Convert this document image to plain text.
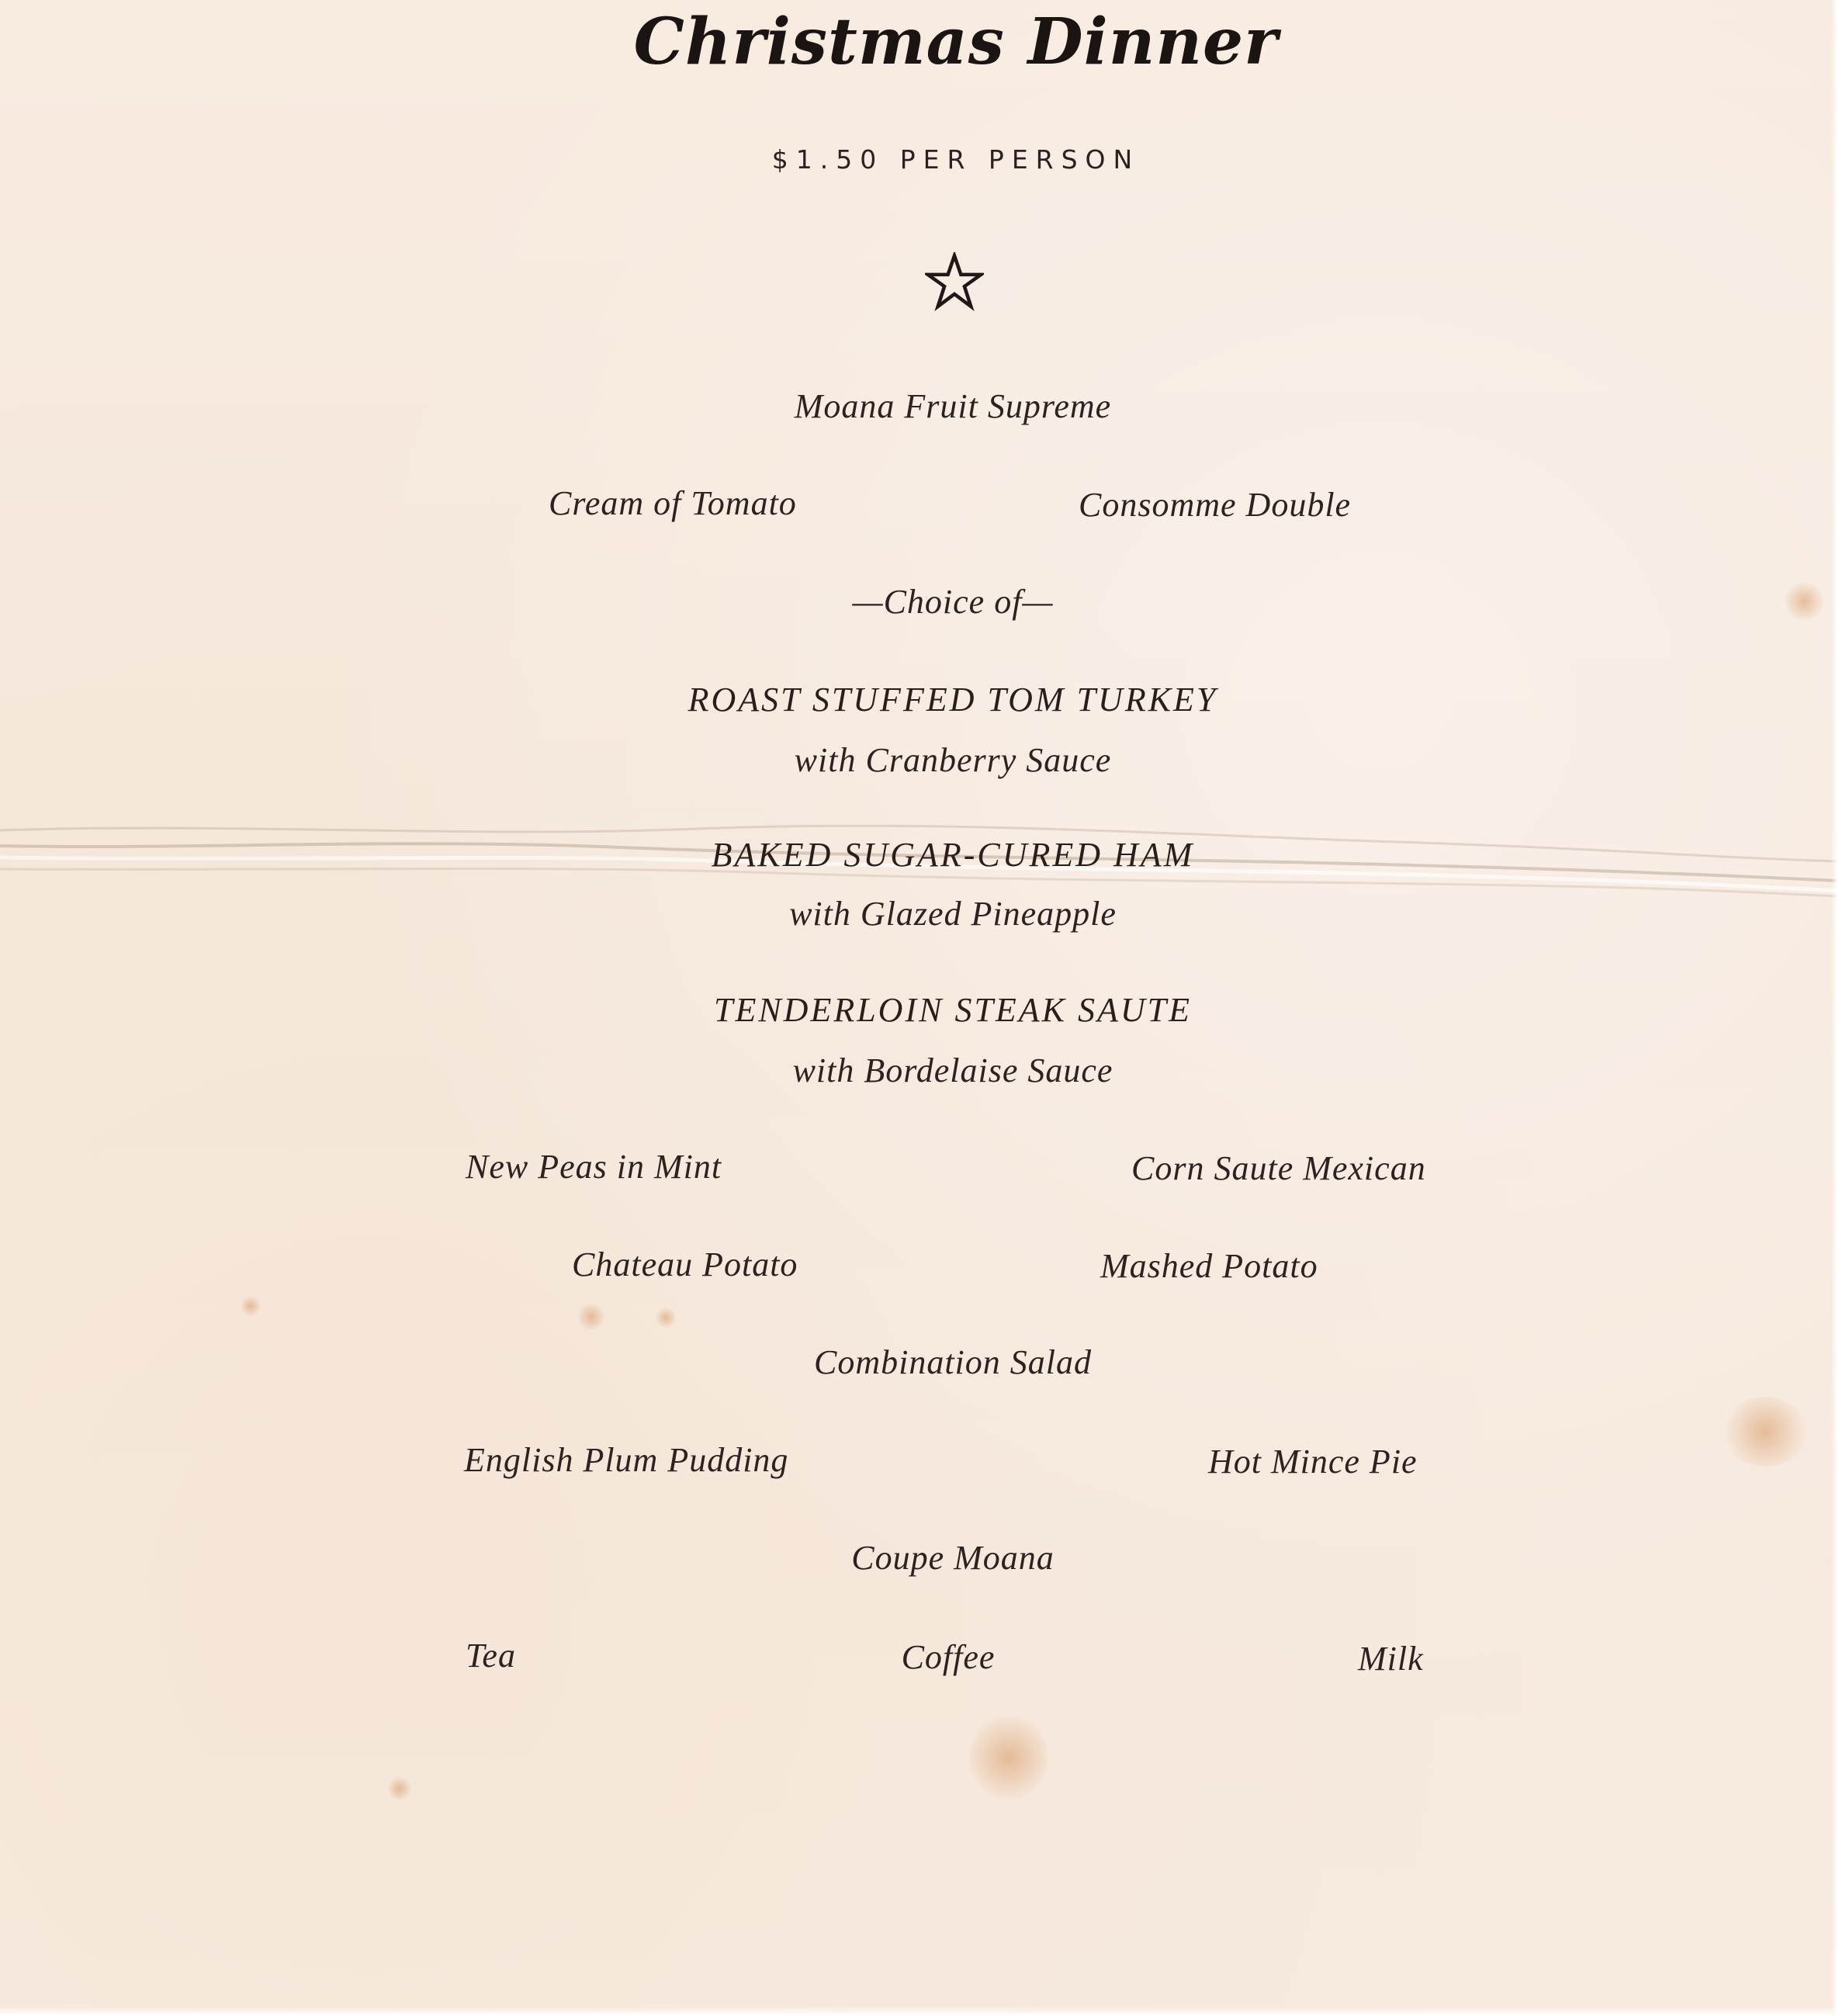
Christmas Dinner
$1.50 PER PERSON
Moana Fruit Supreme
Cream of Tomato	Consomme Double
—Choice of—
ROAST STUFFED TOM TURKEY
with Cranberry Sauce
BAKED SUGAR-CURED HAM
with Glazed Pineapple
TENDERLOIN STEAK SAUTE
with Bordelaise Sauce
New Peas in Mint	Corn Saute Mexican
Chateau Potato	Mashed Potato
Combination Salad
English Plum Pudding	Hot Mince Pie
Coupe Moana
Tea	Coffee	Milk
